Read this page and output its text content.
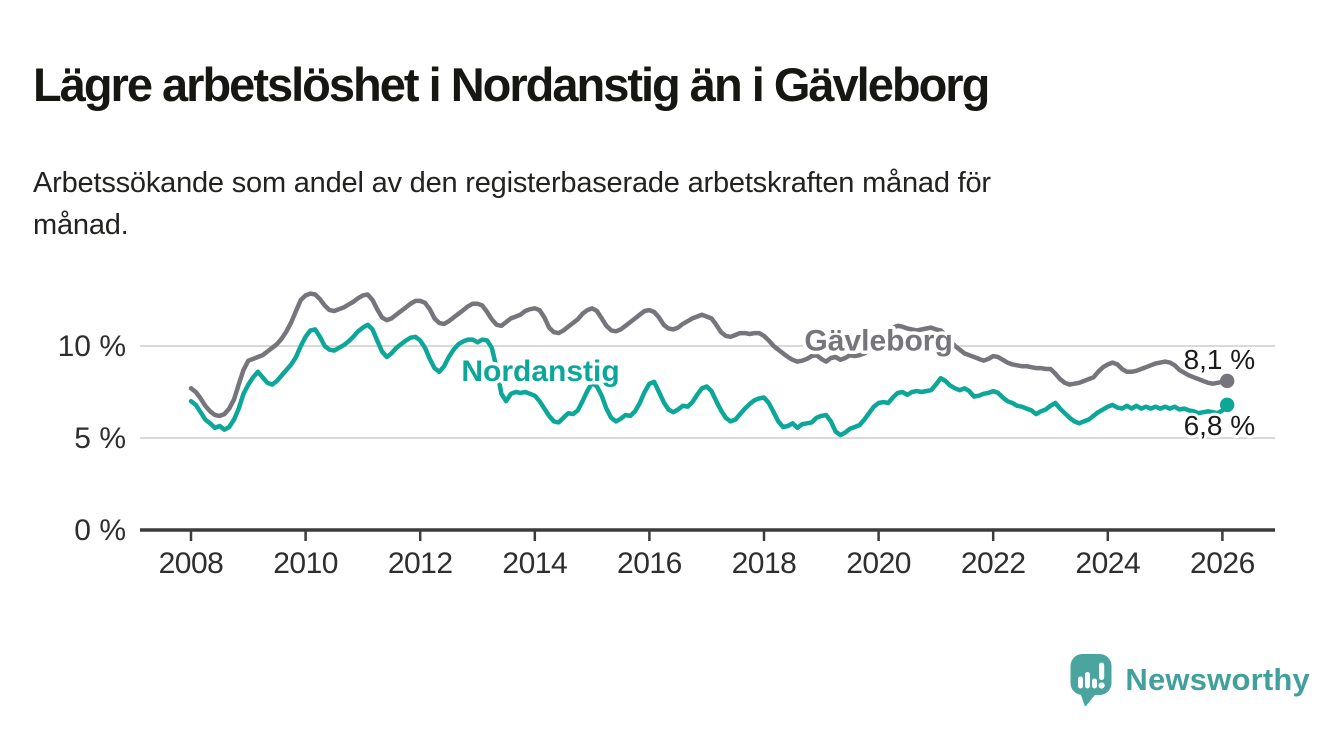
Lägre arbetslöshet i Nordanstig än i Gävleborg

Arbetssökande som andel av den registerbaserade arbetskraften månad för
månad.

0 %
5 %
10 %
2008 2010 2012 2014 2016 2018 2020 2022 2024 2026
Gävleborg
8,1 %
Nordanstig
6,8 %
Newsworthy
